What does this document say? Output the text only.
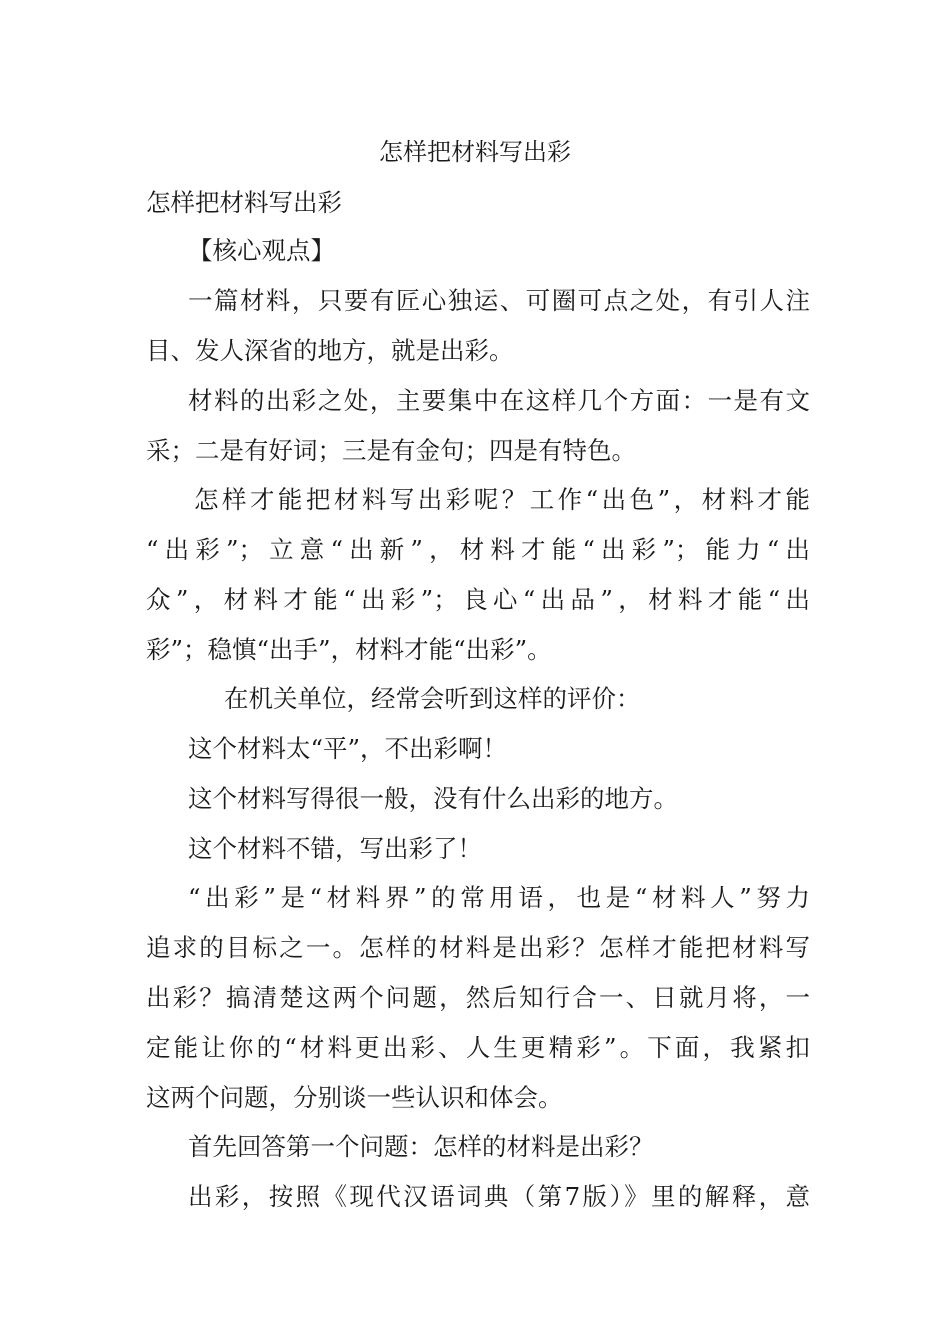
怎样把材料写出彩
怎样把材料写出彩
【核心观点】
一篇材料，只要有匠心独运、可圈可点之处，有引人注
目、发人深省的地方，就是出彩。
材料的出彩之处，主要集中在这样几个方面：一是有文
采；二是有好词；三是有金句；四是有特色。
怎样才能把材料写出彩呢？工作“出色”，材料才能
“出彩”；立意“出新”，材料才能“出彩”；能力“出
众”，材料才能“出彩”；良心“出品”，材料才能“出
彩”；稳慎“出手”，材料才能“出彩”。
在机关单位，经常会听到这样的评价：
这个材料太“平”，不出彩啊！
这个材料写得很一般，没有什么出彩的地方。
这个材料不错，写出彩了！
“出彩”是“材料界”的常用语，也是“材料人”努力
追求的目标之一。怎样的材料是出彩？怎样才能把材料写
出彩？搞清楚这两个问题，然后知行合一、日就月将，一
定能让你的“材料更出彩、人生更精彩”。下面，我紧扣
这两个问题，分别谈一些认识和体会。
首先回答第一个问题：怎样的材料是出彩？
出彩，按照《现代汉语词典（第7版）》里的解释，意
